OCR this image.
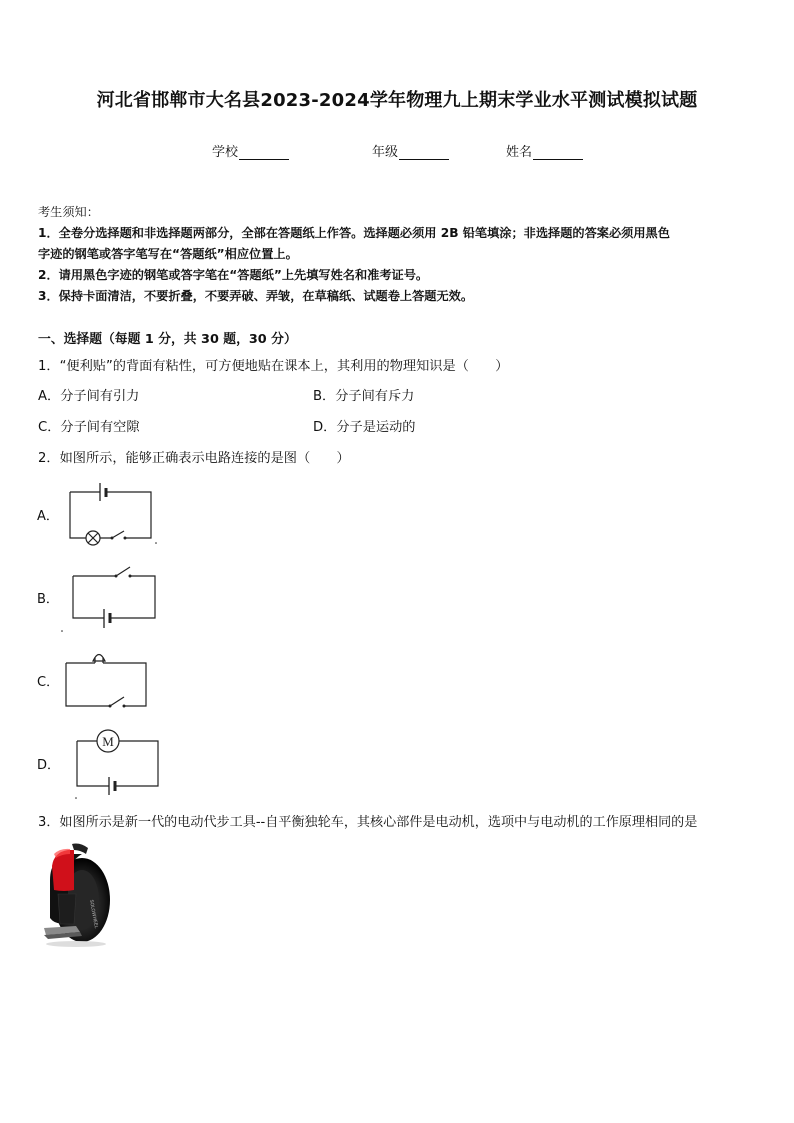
河北省邯郸市大名县2023-2024学年物理九上期末学业水平测试模拟试题
学校	年级	姓名
考生须知：
1．全卷分选择题和非选择题两部分，全部在答题纸上作答。选择题必须用 2B 铅笔填涂；非选择题的答案必须用黑色
字迹的钢笔或答字笔写在“答题纸”相应位置上。
2．请用黑色字迹的钢笔或答字笔在“答题纸”上先填写姓名和准考证号。
3．保持卡面清洁，不要折叠，不要弄破、弄皱，在草稿纸、试题卷上答题无效。
一、选择题（每题 1 分，共 30 题，30 分）
1．“便利贴”的背面有粘性，可方便地贴在课本上，其利用的物理知识是（　　）
A．分子间有引力	B．分子间有斥力
C．分子间有空隙	D．分子是运动的
2．如图所示，能够正确表示电路连接的是图（　　）
A．
B．
C．
D．
M
3．如图所示是新一代的电动代步工具--自平衡独轮车，其核心部件是电动机，选项中与电动机的工作原理相同的是
SOLOWHEEL
